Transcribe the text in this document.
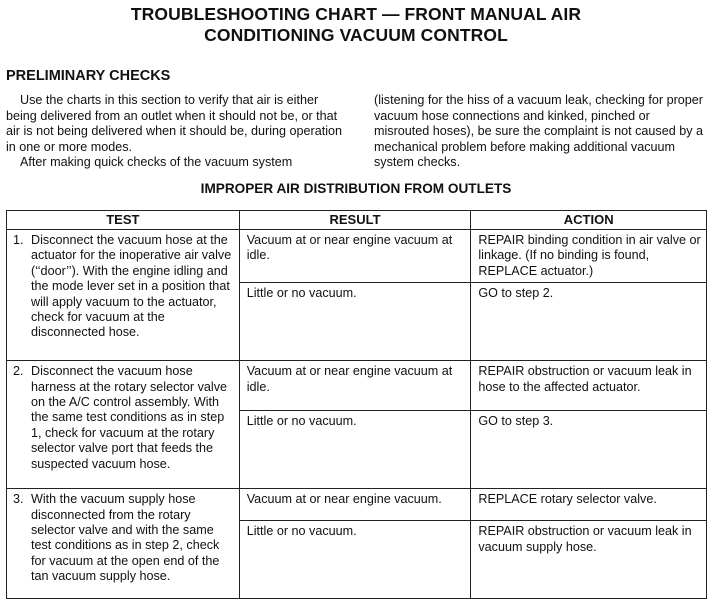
TROUBLESHOOTING CHART — FRONT MANUAL AIR
CONDITIONING VACUUM CONTROL
PRELIMINARY CHECKS

Use the charts in this section to verify that air is either being delivered from an outlet when it should not be, or that air is not being delivered when it should be, during operation in one or more modes.

After making quick checks of the vacuum system

(listening for the hiss of a vacuum leak, checking for proper vacuum hose connections and kinked, pinched or misrouted hoses), be sure the complaint is not caused by a mechanical problem before making additional vacuum system checks.

IMPROPER AIR DISTRIBUTION FROM OUTLETS
TEST	RESULT	ACTION

1. Disconnect the vacuum hose at the actuator for the inoperative air valve (‘‘door’’). With the engine idling and the mode lever set in a position that will apply vacuum to the actuator, check for vacuum at the disconnected hose.	Vacuum at or near engine vacuum at idle.	REPAIR binding condition in air valve or linkage. (If no binding is found, REPLACE actuator.)
	Little or no vacuum.	GO to step 2.

2. Disconnect the vacuum hose harness at the rotary selector valve on the A/C control assembly. With the same test conditions as in step 1, check for vacuum at the rotary selector valve port that feeds the suspected vacuum hose.	Vacuum at or near engine vacuum at idle.	REPAIR obstruction or vacuum leak in hose to the affected actuator.
	Little or no vacuum.	GO to step 3.

3. With the vacuum supply hose disconnected from the rotary selector valve and with the same test conditions as in step 2, check for vacuum at the open end of the tan vacuum supply hose.	Vacuum at or near engine vacuum.	REPLACE rotary selector valve.
	Little or no vacuum.	REPAIR obstruction or vacuum leak in vacuum supply hose.
